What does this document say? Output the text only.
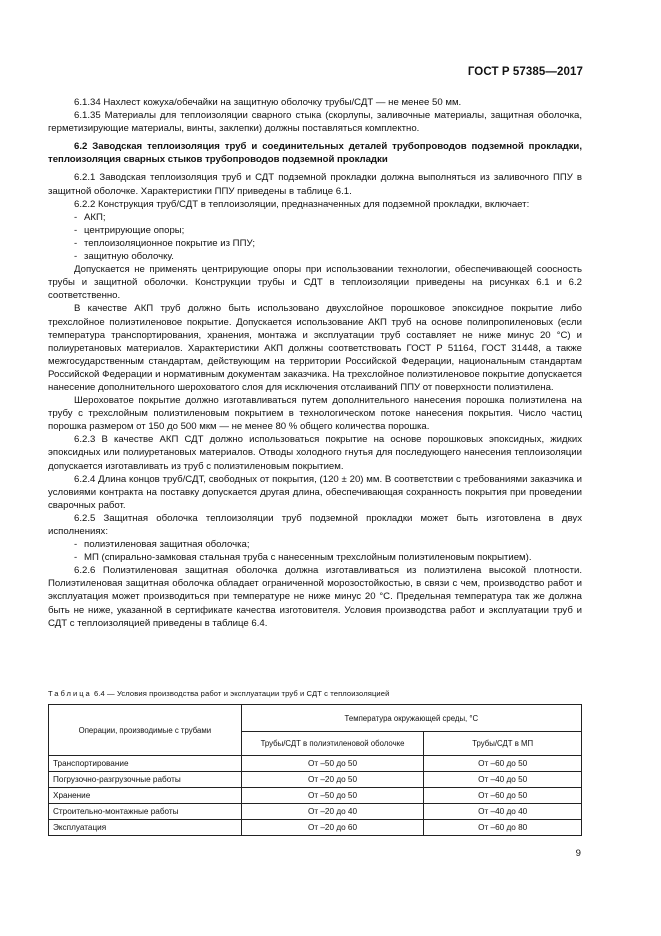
ГОСТ Р 57385—2017

6.1.34 Нахлест кожуха/обечайки на защитную оболочку трубы/СДТ — не менее 50 мм.

6.1.35 Материалы для теплоизоляции сварного стыка (скорлупы, заливочные материалы, защитная оболочка, герметизирующие материалы, винты, заклепки) должны поставляться комплектно.

6.2 Заводская теплоизоляция труб и соединительных деталей трубопроводов подземной прокладки, теплоизоляция сварных стыков трубопроводов подземной прокладки

6.2.1 Заводская теплоизоляция труб и СДТ подземной прокладки должна выполняться из заливочного ППУ в защитной оболочке. Характеристики ППУ приведены в таблице 6.1.

6.2.2 Конструкция труб/СДТ в теплоизоляции, предназначенных для подземной прокладки, включает:

- АКП;

- центрирующие опоры;

- теплоизоляционное покрытие из ППУ;

- защитную оболочку.

Допускается не применять центрирующие опоры при использовании технологии, обеспечивающей соосность трубы и защитной оболочки. Конструкции трубы и СДТ в теплоизоляции приведены на рисунках 6.1 и 6.2 соответственно.

В качестве АКП труб должно быть использовано двухслойное порошковое эпоксидное покрытие либо трехслойное полиэтиленовое покрытие. Допускается использование АКП труб на основе полипропиленовых (если температура транспортирования, хранения, монтажа и эксплуатации труб составляет не ниже минус 20 °С) и полиуретановых материалов. Характеристики АКП должны соответствовать ГОСТ Р 51164, ГОСТ 31448, а также межгосударственным стандартам, действующим на территории Российской Федерации, национальным стандартам Российской Федерации и нормативным документам заказчика. На трехслойное полиэтиленовое покрытие допускается нанесение дополнительного шероховатого слоя для исключения отслаиваний ППУ от поверхности полиэтилена.

Шероховатое покрытие должно изготавливаться путем дополнительного нанесения порошка полиэтилена на трубу с трехслойным полиэтиленовым покрытием в технологическом потоке нанесения покрытия. Число частиц порошка размером от 150 до 500 мкм — не менее 80 % общего количества порошка.

6.2.3 В качестве АКП СДТ должно использоваться покрытие на основе порошковых эпоксидных, жидких эпоксидных или полиуретановых материалов. Отводы холодного гнутья для последующего нанесения теплоизоляции допускается изготавливать из труб с полиэтиленовым покрытием.

6.2.4 Длина концов труб/СДТ, свободных от покрытия, (120 ± 20) мм. В соответствии с требованиями заказчика и условиями контракта на поставку допускается другая длина, обеспечивающая сохранность покрытия при проведении сварочных работ.

6.2.5 Защитная оболочка теплоизоляции труб подземной прокладки может быть изготовлена в двух исполнениях:

- полиэтиленовая защитная оболочка;

- МП (спирально-замковая стальная труба с нанесенным трехслойным полиэтиленовым покрытием).

6.2.6 Полиэтиленовая защитная оболочка должна изготавливаться из полиэтилена высокой плотности. Полиэтиленовая защитная оболочка обладает ограниченной морозостойкостью, в связи с чем, производство работ и эксплуатация может производиться при температуре не ниже минус 20 °С. Предельная температура так же должна быть не ниже, указанной в сертификате качества изготовителя. Условия производства работ и эксплуатации труб и СДТ с теплоизоляцией приведены в таблице 6.4.

Таблица 6.4 — Условия производства работ и эксплуатации труб и СДТ с теплоизоляцией
Операции, производимые с трубами	Температура окружающей среды, °С	
	Трубы/СДТ в полиэтиленовой оболочке	Трубы/СДТ в МП
Транспортирование	От –50 до 50	От –60 до 50
Погрузочно-разгрузочные работы	От –20 до 50	От –40 до 50
Хранение	От –50 до 50	От –60 до 50
Строительно-монтажные работы	От –20 до 40	От –40 до 40
Эксплуатация	От –20 до 60	От –60 до 80
9
